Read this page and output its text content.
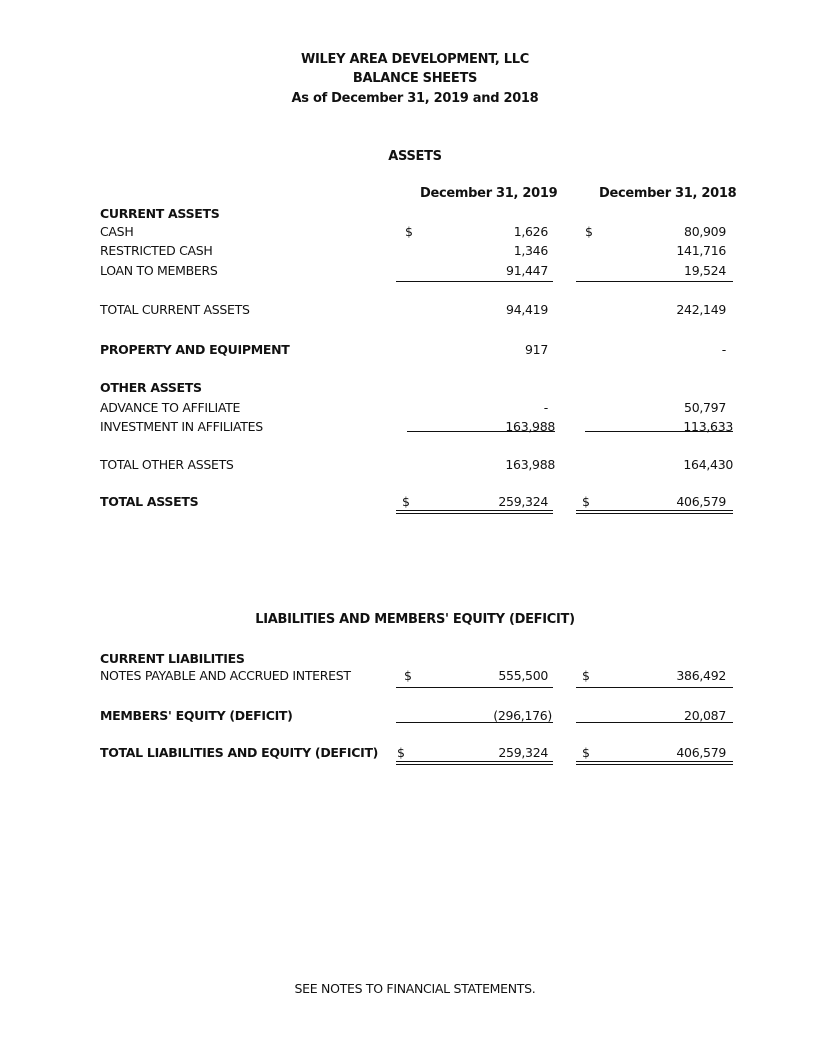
WILEY AREA DEVELOPMENT, LLC
BALANCE SHEETS
As of December 31, 2019 and 2018
ASSETS
December 31, 2019	December 31, 2018
CURRENT ASSETS
CASH	$	1,626	$	80,909
RESTRICTED CASH	1,346	141,716
LOAN TO MEMBERS	91,447	19,524
TOTAL CURRENT ASSETS	94,419	242,149
PROPERTY AND EQUIPMENT	917	-
OTHER ASSETS
ADVANCE TO AFFILIATE	-	50,797
INVESTMENT IN AFFILIATES	163,988	113,633
TOTAL OTHER ASSETS	163,988	164,430
TOTAL ASSETS	$	259,324	$	406,579
LIABILITIES AND MEMBERS' EQUITY (DEFICIT)
CURRENT LIABILITIES
NOTES PAYABLE AND ACCRUED INTEREST	$	555,500	$	386,492
MEMBERS' EQUITY (DEFICIT)	(296,176)	20,087
TOTAL LIABILITIES AND EQUITY (DEFICIT) $	259,324	$	406,579
SEE NOTES TO FINANCIAL STATEMENTS.
